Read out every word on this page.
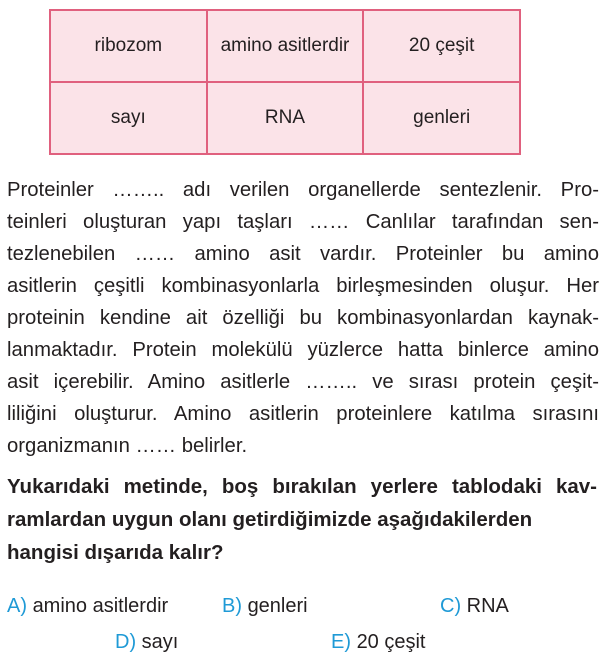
ribozom	amino asitlerdir	20 çeşit
sayı	RNA	genleri
Proteinler …….. adı verilen organellerde sentezlenir. Pro-
teinleri oluşturan yapı taşları …… Canlılar tarafından sen-
tezlenebilen …… amino asit vardır. Proteinler bu amino
asitlerin çeşitli kombinasyonlarla birleşmesinden oluşur. Her
proteinin kendine ait özelliği bu kombinasyonlardan kaynak-
lanmaktadır. Protein molekülü yüzlerce hatta binlerce amino
asit içerebilir. Amino asitlerle …….. ve sırası protein çeşit-
liliğini oluşturur. Amino asitlerin proteinlere katılma sırasını
organizmanın …… belirler.
Yukarıdaki metinde, boş bırakılan yerlere tablodaki kav-
ramlardan uygun olanı getirdiğimizde aşağıdakilerden
hangisi dışarıda kalır?
A) amino asitlerdir	B) genleri	C) RNA
D) sayı	E) 20 çeşit
